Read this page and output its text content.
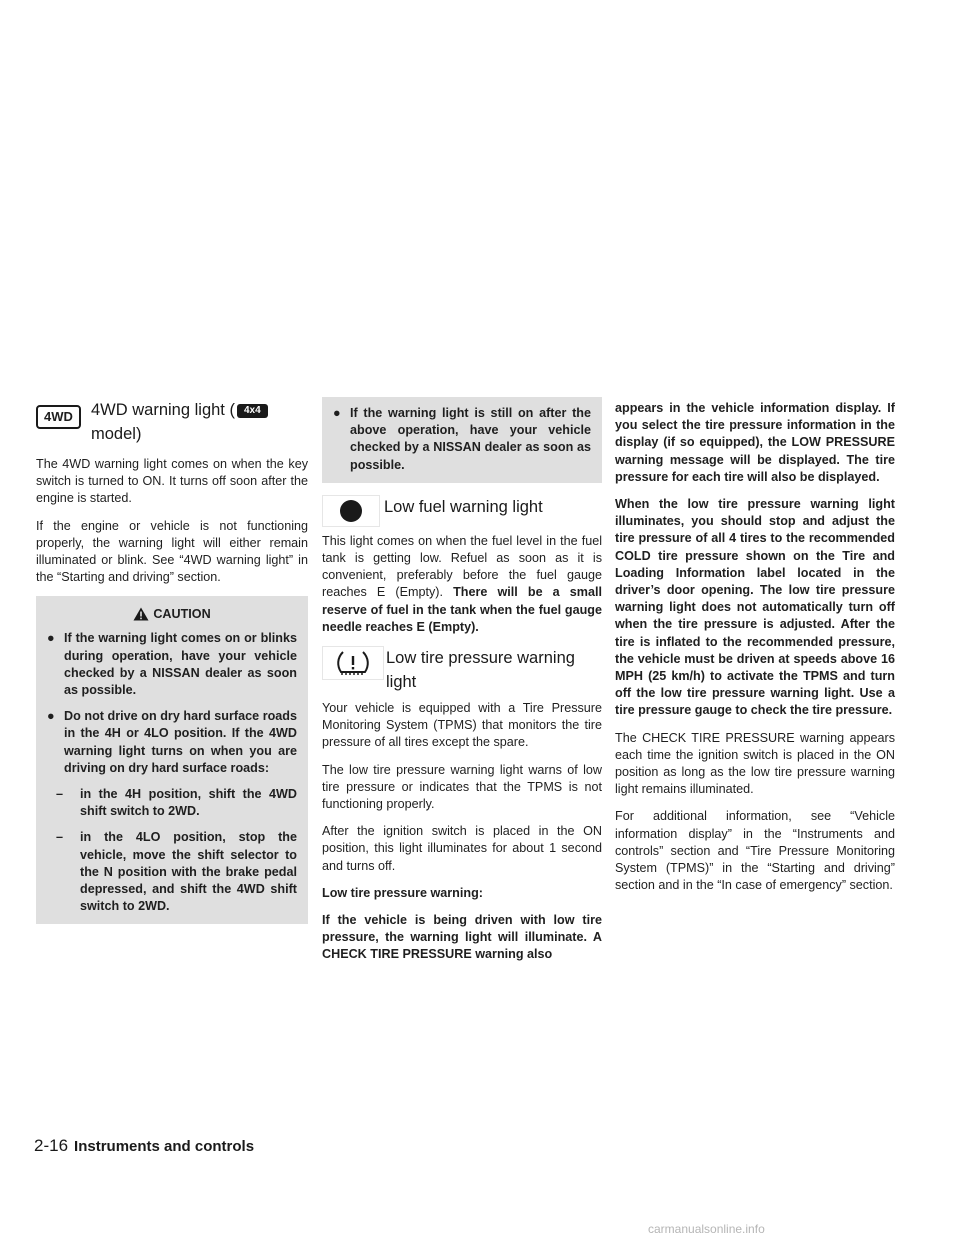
4WD	4WD warning light ( 4x4
model)

The 4WD warning light comes on when the key switch is turned to ON. It turns off soon after the engine is started.

If the engine or vehicle is not functioning properly, the warning light will either remain illuminated or blink. See “4WD warning light” in the “Starting and driving” section.

CAUTION
● If the warning light comes on or blinks during operation, have your vehicle checked by a NISSAN dealer as soon as possible.
● Do not drive on dry hard surface roads in the 4H or 4LO position. If the 4WD warning light turns on when you are driving on dry hard surface roads:
– in the 4H position, shift the 4WD shift switch to 2WD.
– in the 4LO position, stop the vehicle, move the shift selector to the N position with the brake pedal depressed, and shift the 4WD shift switch to 2WD.
● If the warning light is still on after the above operation, have your vehicle checked by a NISSAN dealer as soon as possible.
Low fuel warning light

This light comes on when the fuel level in the fuel tank is getting low. Refuel as soon as it is convenient, preferably before the fuel gauge reaches E (Empty). There will be a small reserve of fuel in the tank when the fuel gauge needle reaches E (Empty).

Low tire pressure warning light

Your vehicle is equipped with a Tire Pressure Monitoring System (TPMS) that monitors the tire pressure of all tires except the spare.

The low tire pressure warning light warns of low tire pressure or indicates that the TPMS is not functioning properly.

After the ignition switch is placed in the ON position, this light illuminates for about 1 second and turns off.

Low tire pressure warning:

If the vehicle is being driven with low tire pressure, the warning light will illuminate. A CHECK TIRE PRESSURE warning also

appears in the vehicle information display. If you select the tire pressure information in the display (if so equipped), the LOW PRESSURE warning message will be displayed. The tire pressure for each tire will also be displayed.

When the low tire pressure warning light illuminates, you should stop and adjust the tire pressure of all 4 tires to the recommended COLD tire pressure shown on the Tire and Loading Information label located in the driver’s door opening. The low tire pressure warning light does not automatically turn off when the tire pressure is adjusted. After the tire is inflated to the recommended pressure, the vehicle must be driven at speeds above 16 MPH (25 km/h) to activate the TPMS and turn off the low tire pressure warning light. Use a tire pressure gauge to check the tire pressure.

The CHECK TIRE PRESSURE warning appears each time the ignition switch is placed in the ON position as long as the low tire pressure warning light remains illuminated.

For additional information, see “Vehicle information display” in the “Instruments and controls” section and “Tire Pressure Monitoring System (TPMS)” in the “Starting and driving” section and in the “In case of emergency” section.

2-16 Instruments and controls
carmanualsonline.info
